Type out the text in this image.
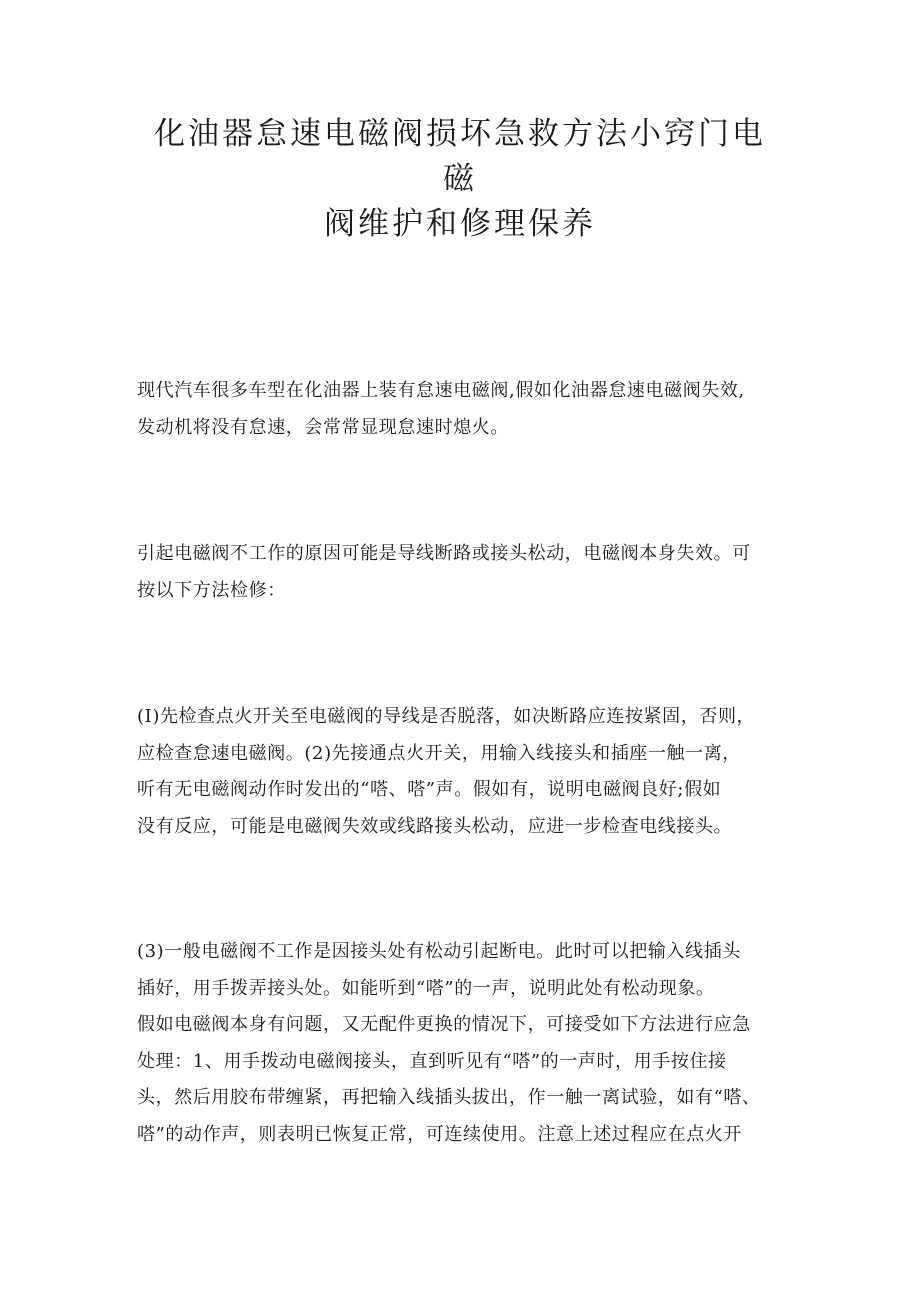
化油器怠速电磁阀损坏急救方法小窍门电磁
阀维护和修理保养

现代汽车很多车型在化油器上装有怠速电磁阀,假如化油器怠速电磁阀失效,
发动机将没有怠速，会常常显现怠速时熄火。

引起电磁阀不工作的原因可能是导线断路或接头松动，电磁阀本身失效。可
按以下方法检修：

(I)先检查点火开关至电磁阀的导线是否脱落，如决断路应连按紧固，否则，
应检查怠速电磁阀。(2)先接通点火开关，用输入线接头和插座一触一离，
听有无电磁阀动作时发出的“嗒、嗒”声。假如有，说明电磁阀良好;假如
没有反应，可能是电磁阀失效或线路接头松动，应进一步检查电线接头。

(3)一般电磁阀不工作是因接头处有松动引起断电。此时可以把输入线插头
插好，用手拨弄接头处。如能听到“嗒”的一声，说明此处有松动现象。
假如电磁阀本身有问题，又无配件更换的情况下，可接受如下方法进行应急
处理：1、用手拨动电磁阀接头，直到听见有“嗒”的一声时，用手按住接
头，然后用胶布带缠紧，再把输入线插头拔出，作一触一离试验，如有“嗒、
嗒”的动作声，则表明已恢复正常，可连续使用。注意上述过程应在点火开
